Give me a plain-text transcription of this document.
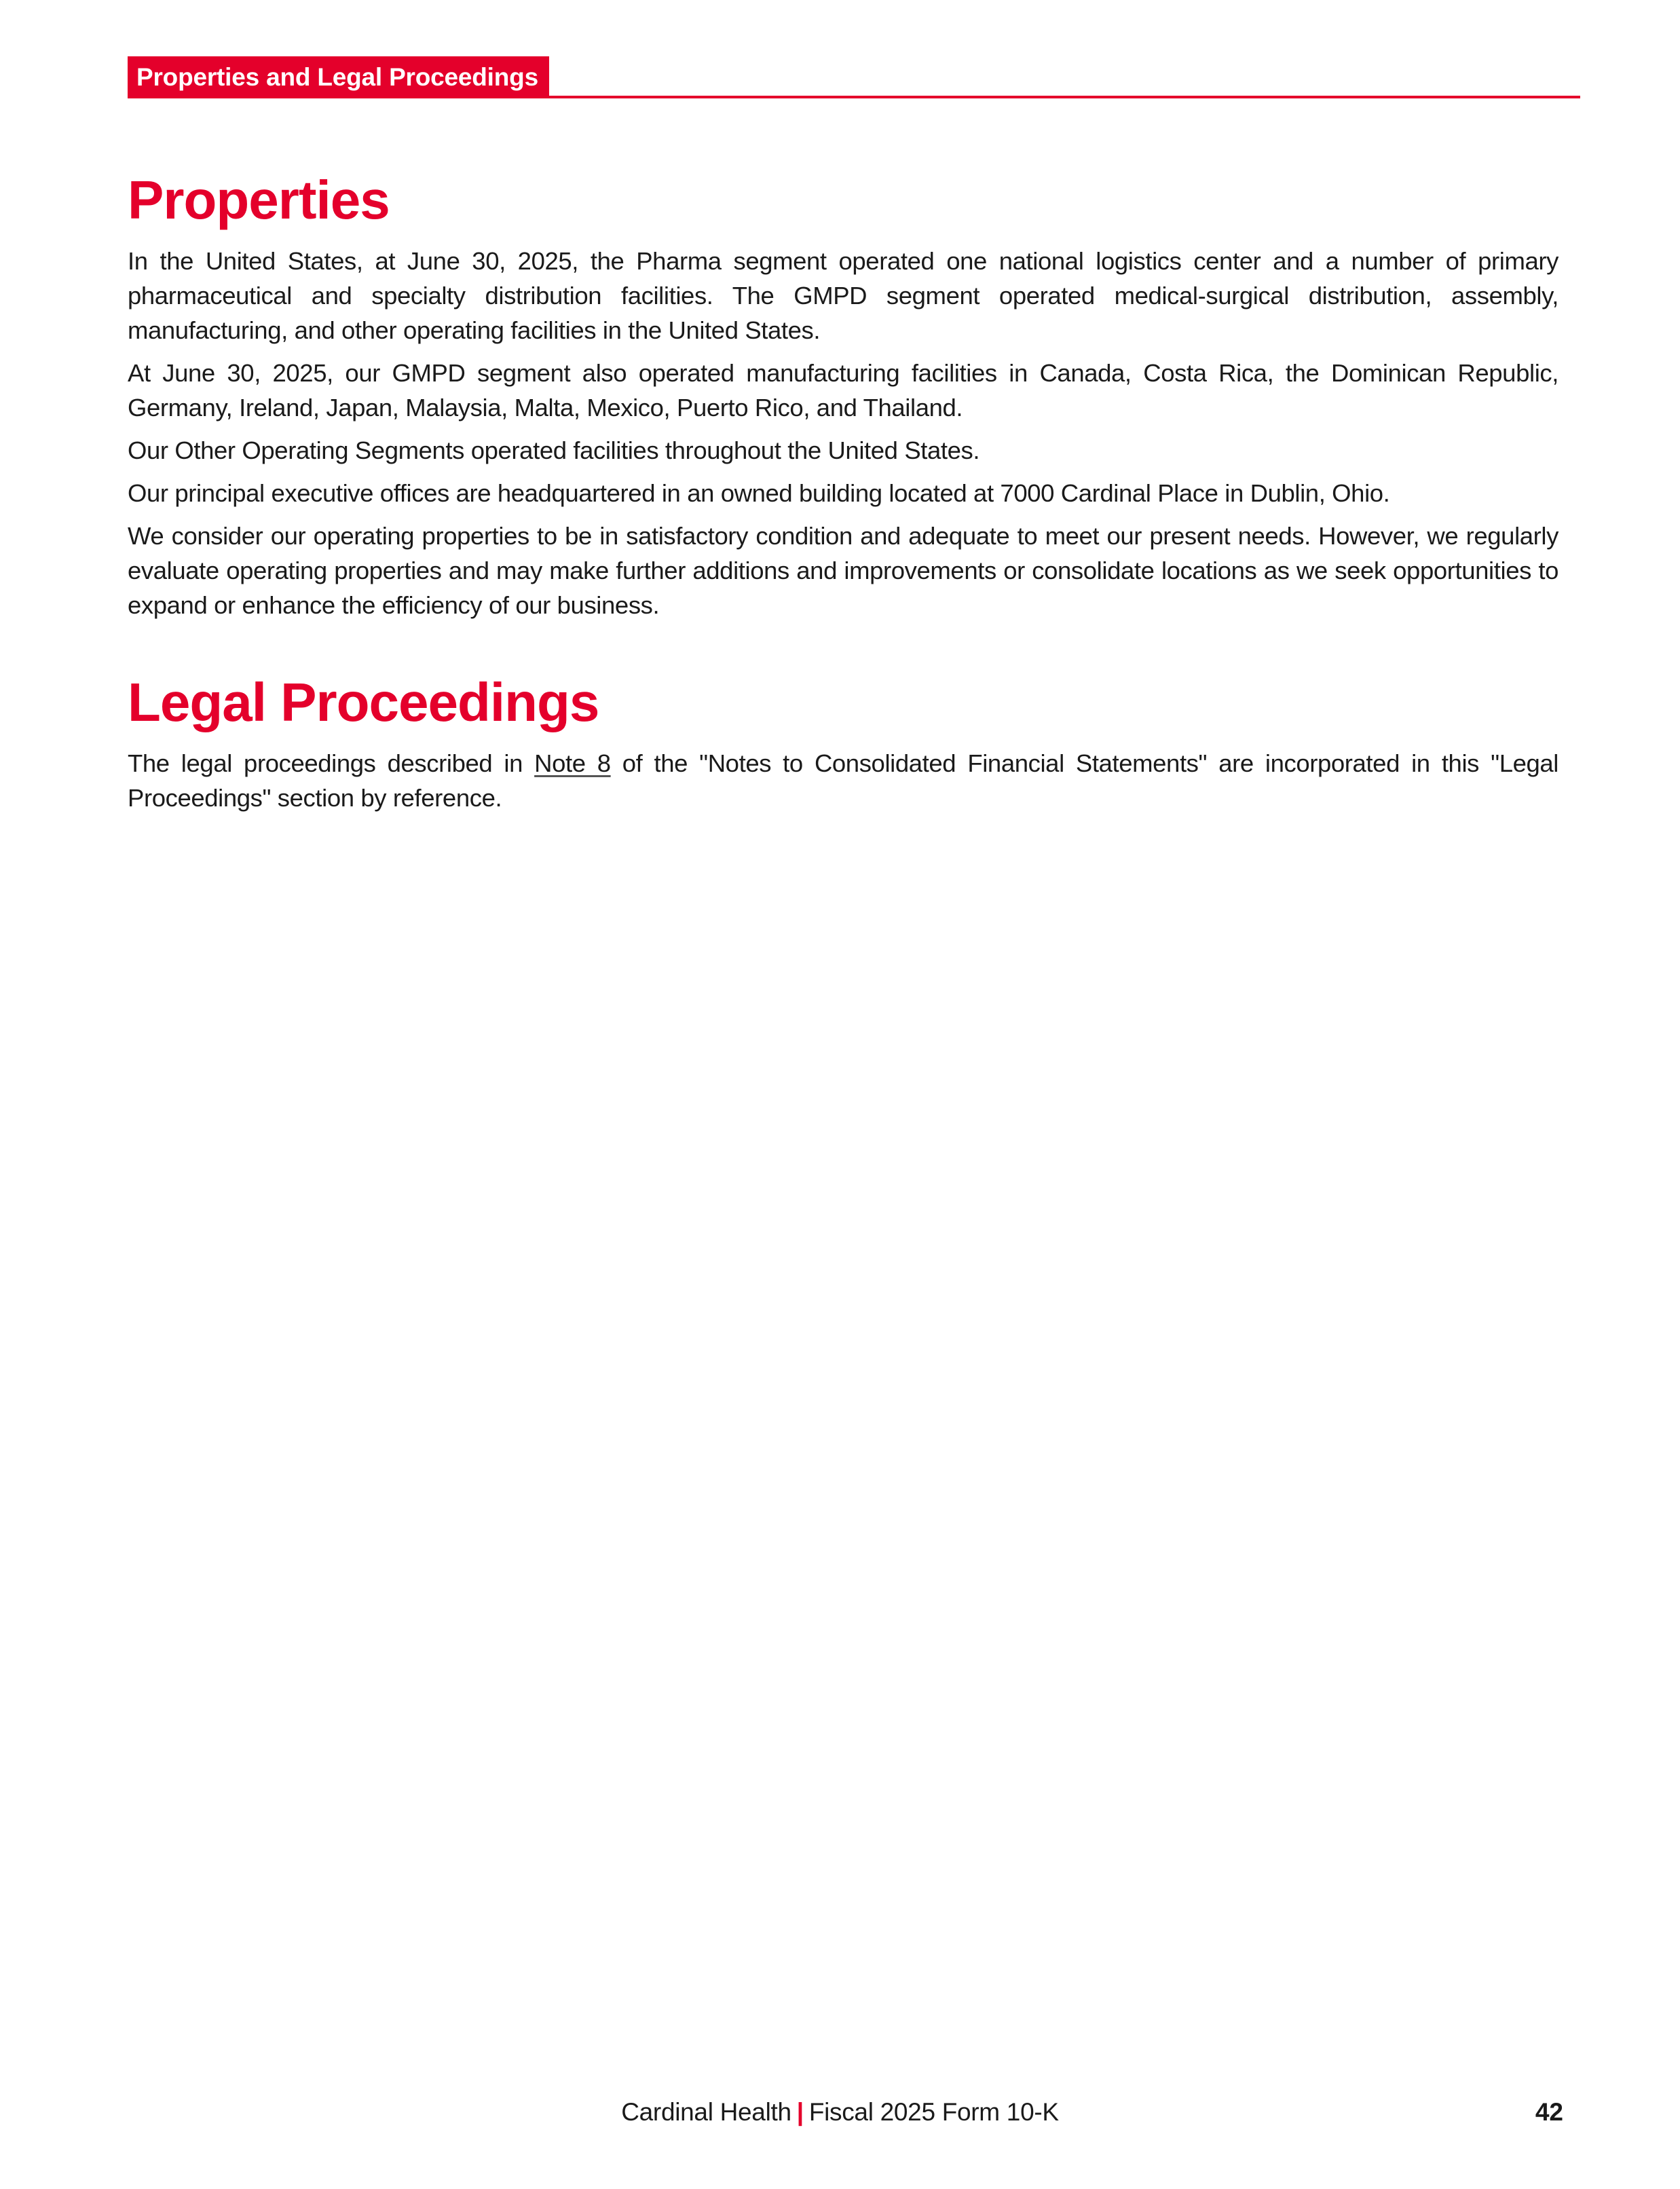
Properties and Legal Proceedings
Properties

In the United States, at June 30, 2025, the Pharma segment operated one national logistics center and a number of primary pharmaceutical and specialty distribution facilities. The GMPD segment operated medical-surgical distribution, assembly, manufacturing, and other operating facilities in the United States.

At June 30, 2025, our GMPD segment also operated manufacturing facilities in Canada, Costa Rica, the Dominican Republic, Germany, Ireland, Japan, Malaysia, Malta, Mexico, Puerto Rico, and Thailand.

Our Other Operating Segments operated facilities throughout the United States.

Our principal executive offices are headquartered in an owned building located at 7000 Cardinal Place in Dublin, Ohio.

We consider our operating properties to be in satisfactory condition and adequate to meet our present needs. However, we regularly evaluate operating properties and may make further additions and improvements or consolidate locations as we seek opportunities to expand or enhance the efficiency of our business.

Legal Proceedings

The legal proceedings described in Note 8 of the "Notes to Consolidated Financial Statements" are incorporated in this "Legal Proceedings" section by reference.

Cardinal Health | Fiscal 2025 Form 10-K	42
